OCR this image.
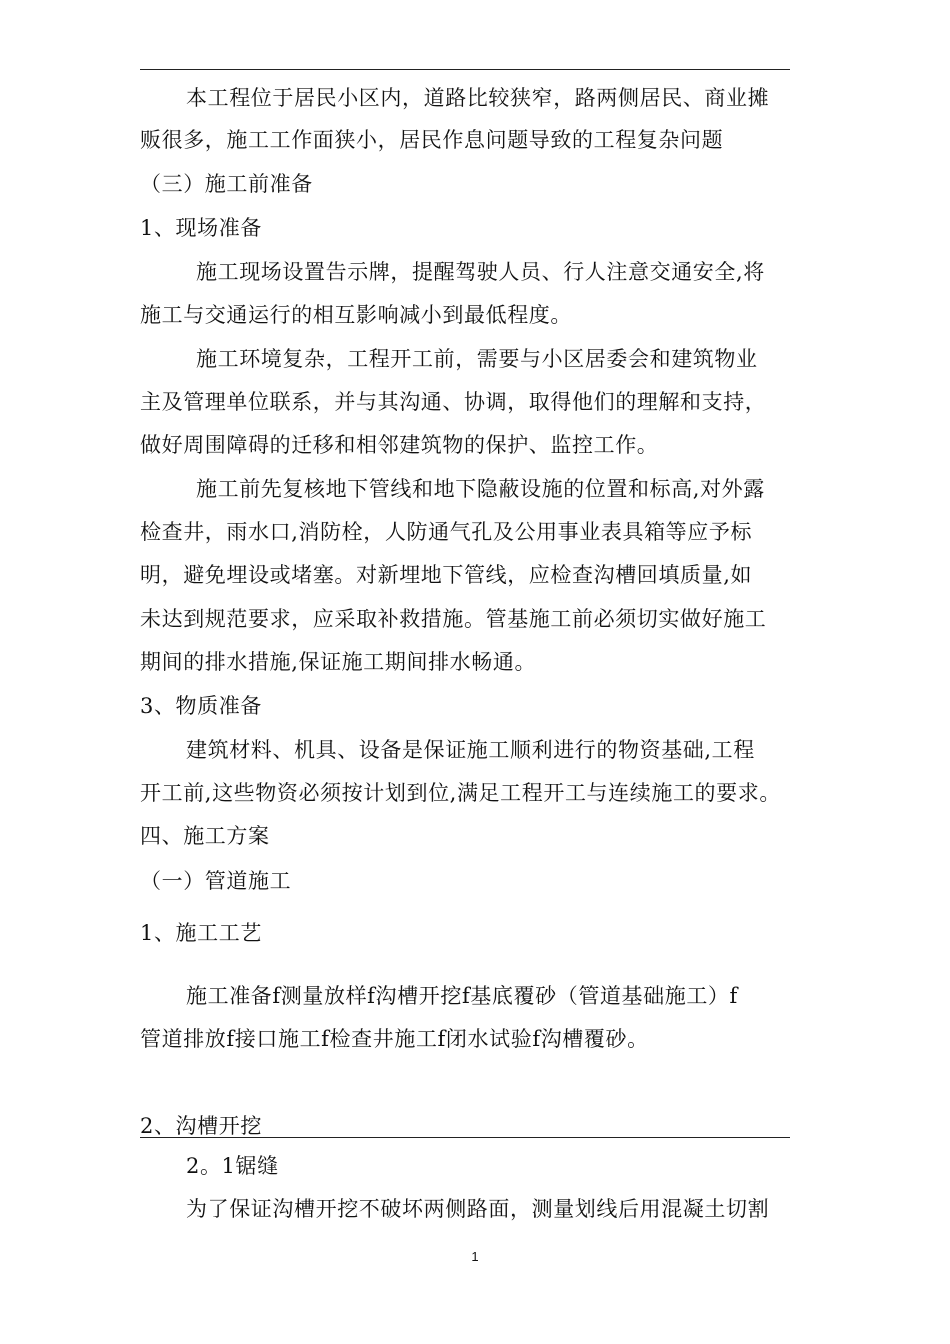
本工程位于居民小区内，道路比较狭窄，路两侧居民、商业摊
贩很多，施工工作面狭小，居民作息问题导致的工程复杂问题
（三）施工前准备
1、现场准备
施工现场设置告示牌，提醒驾驶人员、行人注意交通安全,将
施工与交通运行的相互影响减小到最低程度。
施工环境复杂，工程开工前，需要与小区居委会和建筑物业
主及管理单位联系，并与其沟通、协调，取得他们的理解和支持，
做好周围障碍的迁移和相邻建筑物的保护、监控工作。
施工前先复核地下管线和地下隐蔽设施的位置和标高,对外露
检查井，雨水口,消防栓，人防通气孔及公用事业表具箱等应予标
明，避免埋设或堵塞。对新埋地下管线，应检查沟槽回填质量,如
未达到规范要求，应采取补救措施。管基施工前必须切实做好施工
期间的排水措施,保证施工期间排水畅通。
3、物质准备
建筑材料、机具、设备是保证施工顺利进行的物资基础,工程
开工前,这些物资必须按计划到位,满足工程开工与连续施工的要求。
四、施工方案
（一）管道施工
1、施工工艺
施工准备f测量放样f沟槽开挖f基底覆砂（管道基础施工）f
管道排放f接口施工f检查井施工f闭水试验f沟槽覆砂。
2、沟槽开挖
2。1锯缝
为了保证沟槽开挖不破坏两侧路面，测量划线后用混凝土切割
1
